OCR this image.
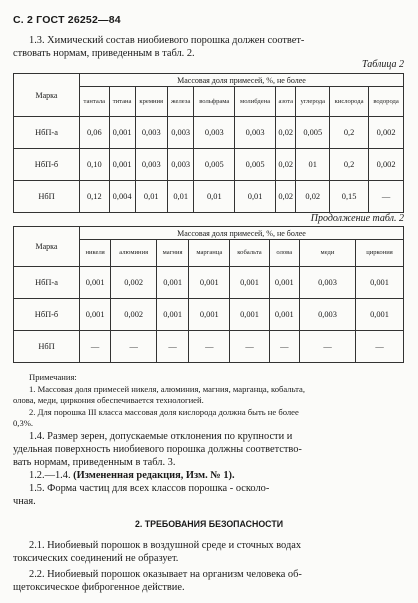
С. 2 ГОСТ 26252—84
1.3. Химический состав ниобиевого порошка должен соответ-
ствовать нормам, приведенным в табл. 2.
Таблица 2
Марка	Массовая доля примесей, %, не более									
	тантала	титана	кремния	железа	вольфрама	молибдена	азота	углерода	кислорода	водорода
НбП-а	0,06	0,001	0,003	0,003	0,003	0,003	0,02	0,005	0,2	0,002
НбП-б	0,10	0,001	0,003	0,003	0,005	0,005	0,02	01	0,2	0,002
НбП	0,12	0,004	0,01	0,01	0,01	0,01	0,02	0,02	0,15	—
Продолжение табл. 2
Марка	Массовая доля примесей, %, не более							
	никеля	алюминия	магния	марганца	кобальта	олова	меди	циркония
НбП-а	0,001	0,002	0,001	0,001	0,001	0,001	0,003	0,001
НбП-б	0,001	0,002	0,001	0,001	0,001	0,001	0,003	0,001
НбП	—	—	—	—	—	—	—	—
Примечания:
1. Массовая доля примесей никеля, алюминия, магния, марганца, кобальта,
олова, меди, циркония обеспечивается технологией.
2. Для порошка III класса массовая доля кислорода должна быть не более
0,3%.
1.4. Размер зерен, допускаемые отклонения по крупности и
удельная поверхность ниобиевого порошка должны соответство-
вать нормам, приведенным в табл. 3.
1.2.—1.4. (Измененная редакция, Изм. № 1).
1.5. Форма частиц для всех классов порошка - осколо-
чная.
2. ТРЕБОВАНИЯ БЕЗОПАСНОСТИ
2.1. Ниобиевый порошок в воздушной среде и сточных водах
токсических соединений не образует.
2.2. Ниобиевый порошок оказывает на организм человека об-
щетоксическое фиброгенное действие.
